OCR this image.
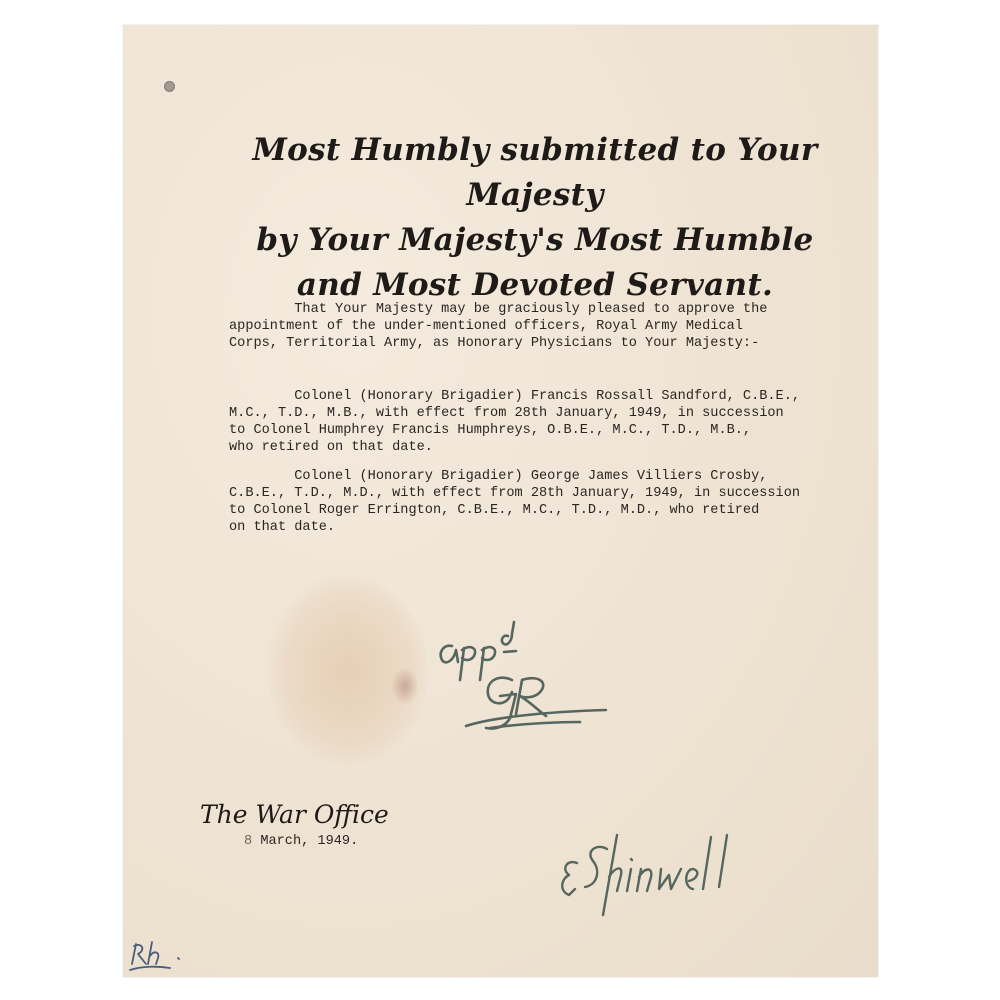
Most Humbly submitted to Your Majesty
by Your Majesty's Most Humble
and Most Devoted Servant.

That Your Majesty may be graciously pleased to approve the
appointment of the under-mentioned officers, Royal Army Medical
Corps, Territorial Army, as Honorary Physicians to Your Majesty:-

Colonel (Honorary Brigadier) Francis Rossall Sandford, C.B.E.,
M.C., T.D., M.B., with effect from 28th January, 1949, in succession
to Colonel Humphrey Francis Humphreys, O.B.E., M.C., T.D., M.B.,
who retired on that date.

Colonel (Honorary Brigadier) George James Villiers Crosby,
C.B.E., T.D., M.D., with effect from 28th January, 1949, in succession
to Colonel Roger Errington, C.B.E., M.C., T.D., M.D., who retired
on that date.

The War Office

8 March, 1949.
